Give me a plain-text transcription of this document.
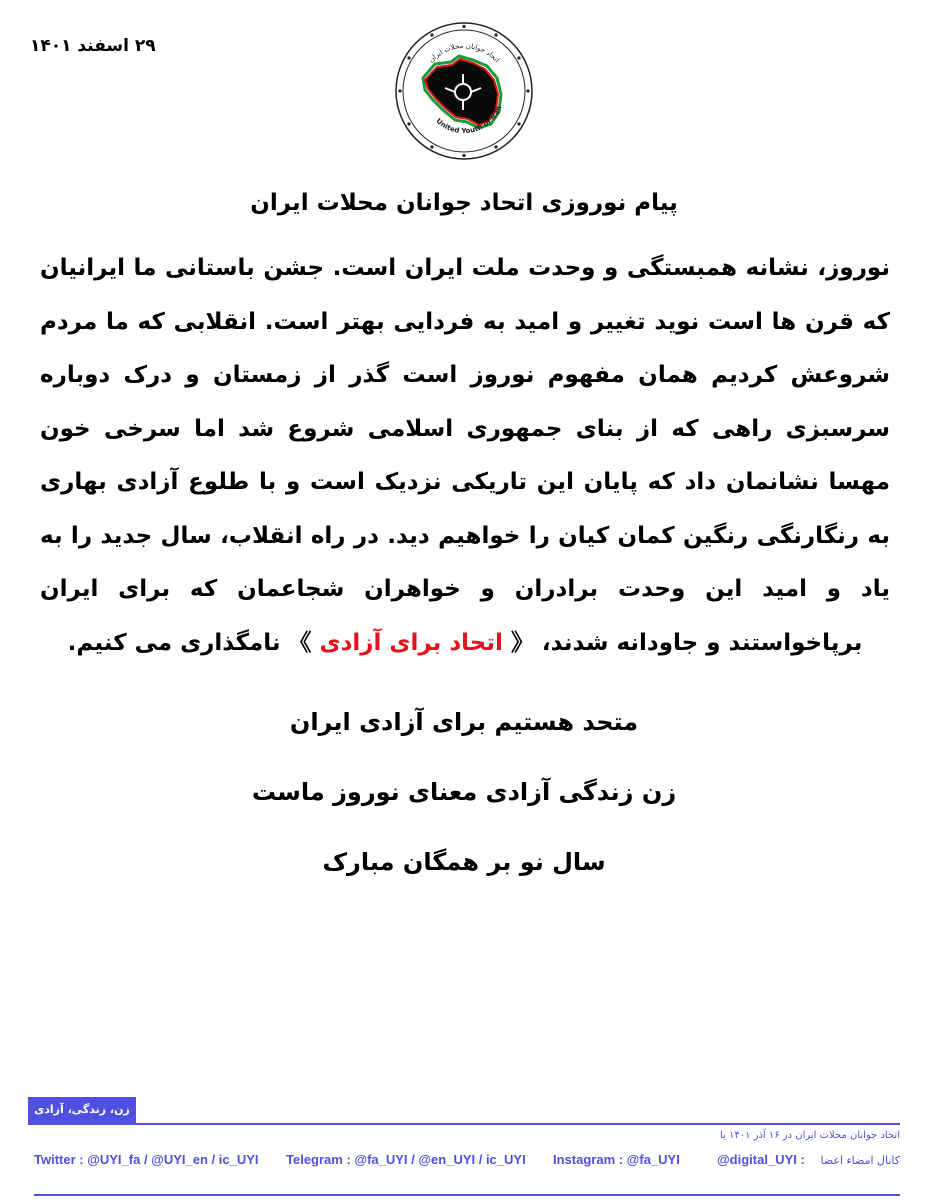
۲۹ اسفند ۱۴۰۱
اتحاد جوانان محلات ایران
United Youth of Iran
پیام نوروزی اتحاد جوانان محلات ایران
نوروز، نشانه همبستگی و وحدت ملت ایران است. جشن باستانی ما ایرانیان که قرن ها است نوید تغییر و امید به فردایی بهتر است. انقلابی که ما مردم شروعش کردیم همان مفهوم نوروز است گذر از زمستان و درک دوباره سرسبزی راهی که از بنای جمهوری اسلامی شروع شد اما سرخی خون مهسا نشانمان داد که پایان این تاریکی نزدیک است و با طلوع آزادی بهاری به رنگارنگی رنگین کمان کیان را خواهیم دید. در راه انقلاب، سال جدید را به یاد و امید این وحدت برادران و خواهران شجاعمان که برای ایران برپاخواستند و جاودانه شدند، 《 اتحاد برای آزادی 》 نامگذاری می کنیم.
متحد هستیم برای آزادی ایران
زن زندگی آزادی معنای نوروز ماست
سال نو بر همگان مبارک
زن، زندگی، آزادی
اتحاد جوانان محلات ایران در ۱۶ آذر ۱۴۰۱ با
Twitter : @UYI_fa / @UYI_en / ic_UYI Telegram : @fa_UYI / @en_UYI / ic_UYI Instagram : @fa_UYI	@digital_UYI : کانال امضاء اعضا
